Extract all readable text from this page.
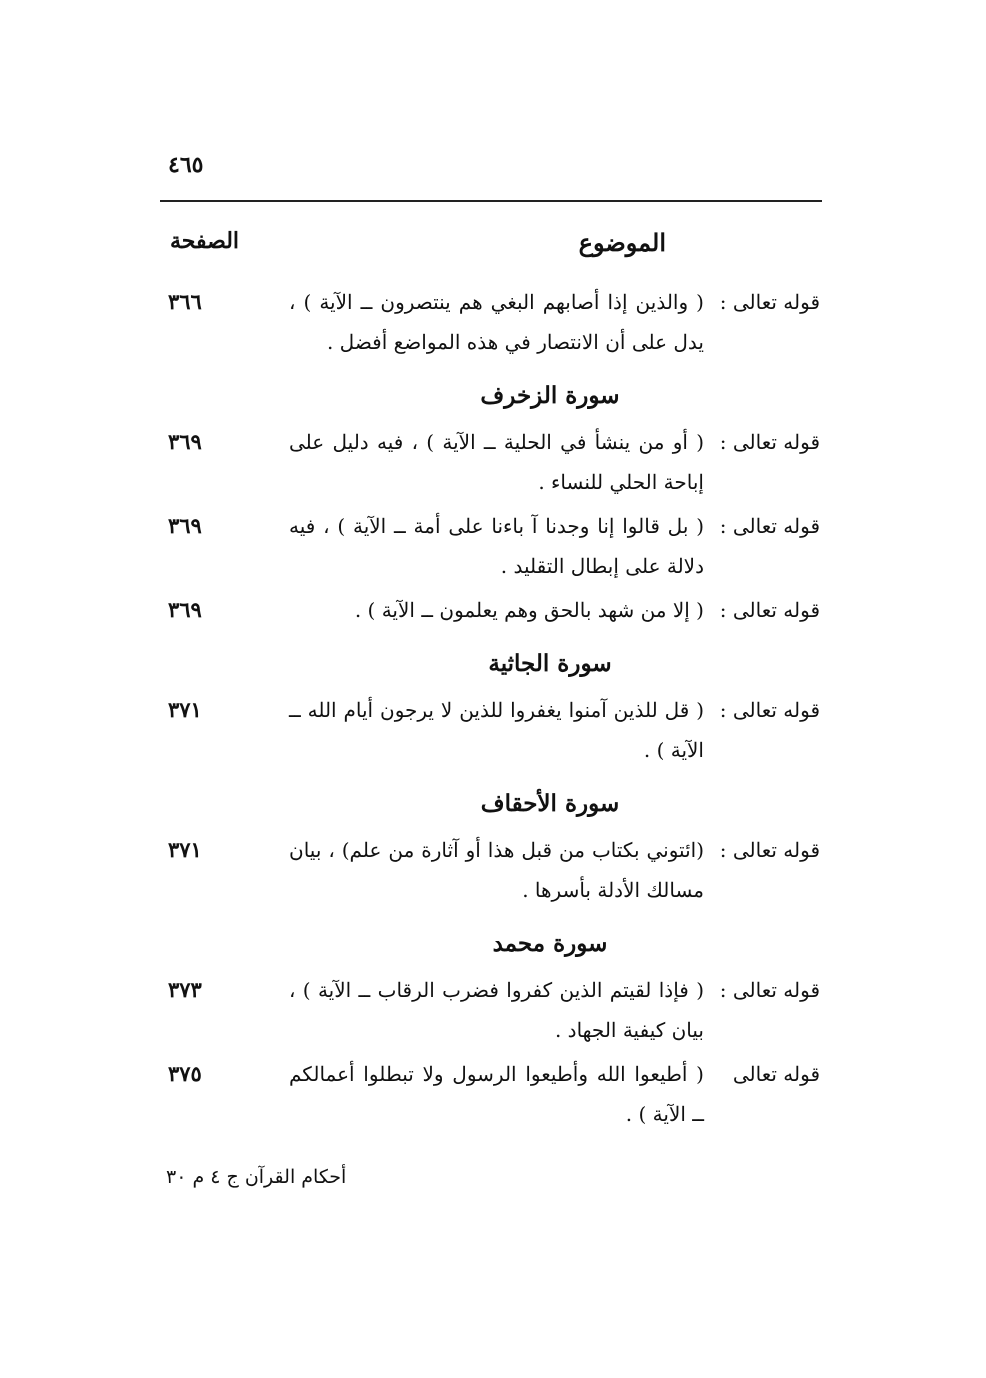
٤٦٥
الموضوع
الصفحة
قوله تعالى :
( والذين إذا أصابهم البغي هم ينتصرون ــ الآية ) ، يدل على أن الانتصار في هذه المواضع أفضل .
٣٦٦
سورة الزخرف
قوله تعالى :
( أو من ينشأ في الحلية ــ الآية ) ، فيه دليل على إباحة الحلي للنساء .
٣٦٩
قوله تعالى :
( بل قالوا إنا وجدنا آ باءنا على أمة ــ الآية ) ، فيه دلالة على إبطال التقليد .
٣٦٩
قوله تعالى :
( إلا من شهد بالحق وهم يعلمون ــ الآية ) .
٣٦٩
سورة الجاثية
قوله تعالى :
( قل للذين آمنوا يغفروا للذين لا يرجون أيام الله ــ الآية ) .
٣٧١
سورة الأحقاف
قوله تعالى :
(ائتوني بكتاب من قبل هذا أو آثارة من علم) ، بيان مسالك الأدلة بأسرها .
٣٧١
سورة محمد
قوله تعالى :
( فإذا لقيتم الذين كفروا فضرب الرقاب ــ الآية ) ، بيان كيفية الجهاد .
٣٧٣
قوله تعالى
( أطيعوا الله وأطيعوا الرسول ولا تبطلوا أعمالكم ــ الآية ) .
٣٧٥
أحكام القرآن ج ٤ م ٣٠
